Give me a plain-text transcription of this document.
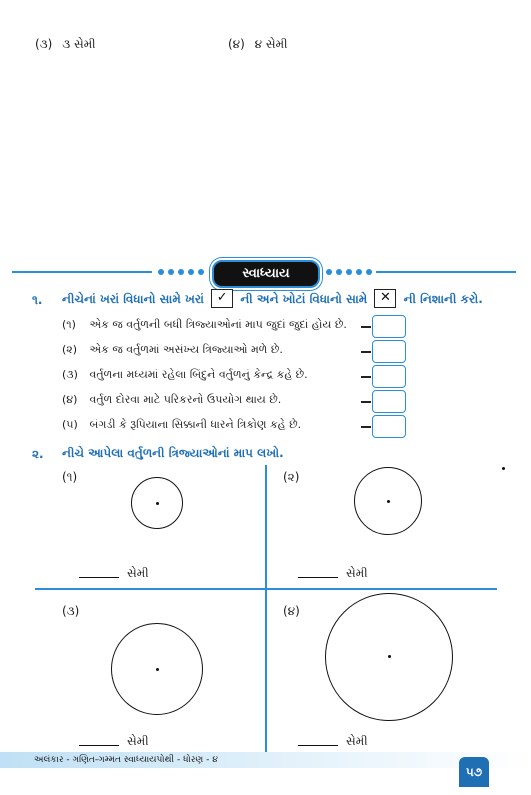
(૩) ૩ સેમી	(૪) ૪ સેમી
સ્વાધ્યાય
૧. નીચેનાં ખરાં વિધાનો સામે ખરાં ✓ ની અને ખોટાં વિધાનો સામે ✕ ની નિશાની કરો.
(૧) એક જ વર્તુળની બધી ત્રિજ્યાઓનાં માપ જુદાં જુદાં હોય છે.
(૨) એક જ વર્તુળમાં અસંખ્ય ત્રિજ્યાઓ મળે છે.
(૩) વર્તુળના મધ્યમાં રહેલા બિંદુને વર્તુળનું કેન્દ્ર કહે છે.
(૪) વર્તુળ દોરવા માટે પરિકરનો ઉપયોગ થાય છે.
(૫) બંગડી કે રૂપિયાના સિક્કાની ધારને ત્રિકોણ કહે છે.
૨. નીચે આપેલા વર્તુળની ત્રિજ્યાઓનાં માપ લખો.
(૧)
સેમી
(૨)
સેમી
(૩)
સેમી
(૪)
સેમી
અલંકાર - ગણિત-ગમ્મત સ્વાધ્યાયપોથી - ધોરણ - ૪
૫૭
